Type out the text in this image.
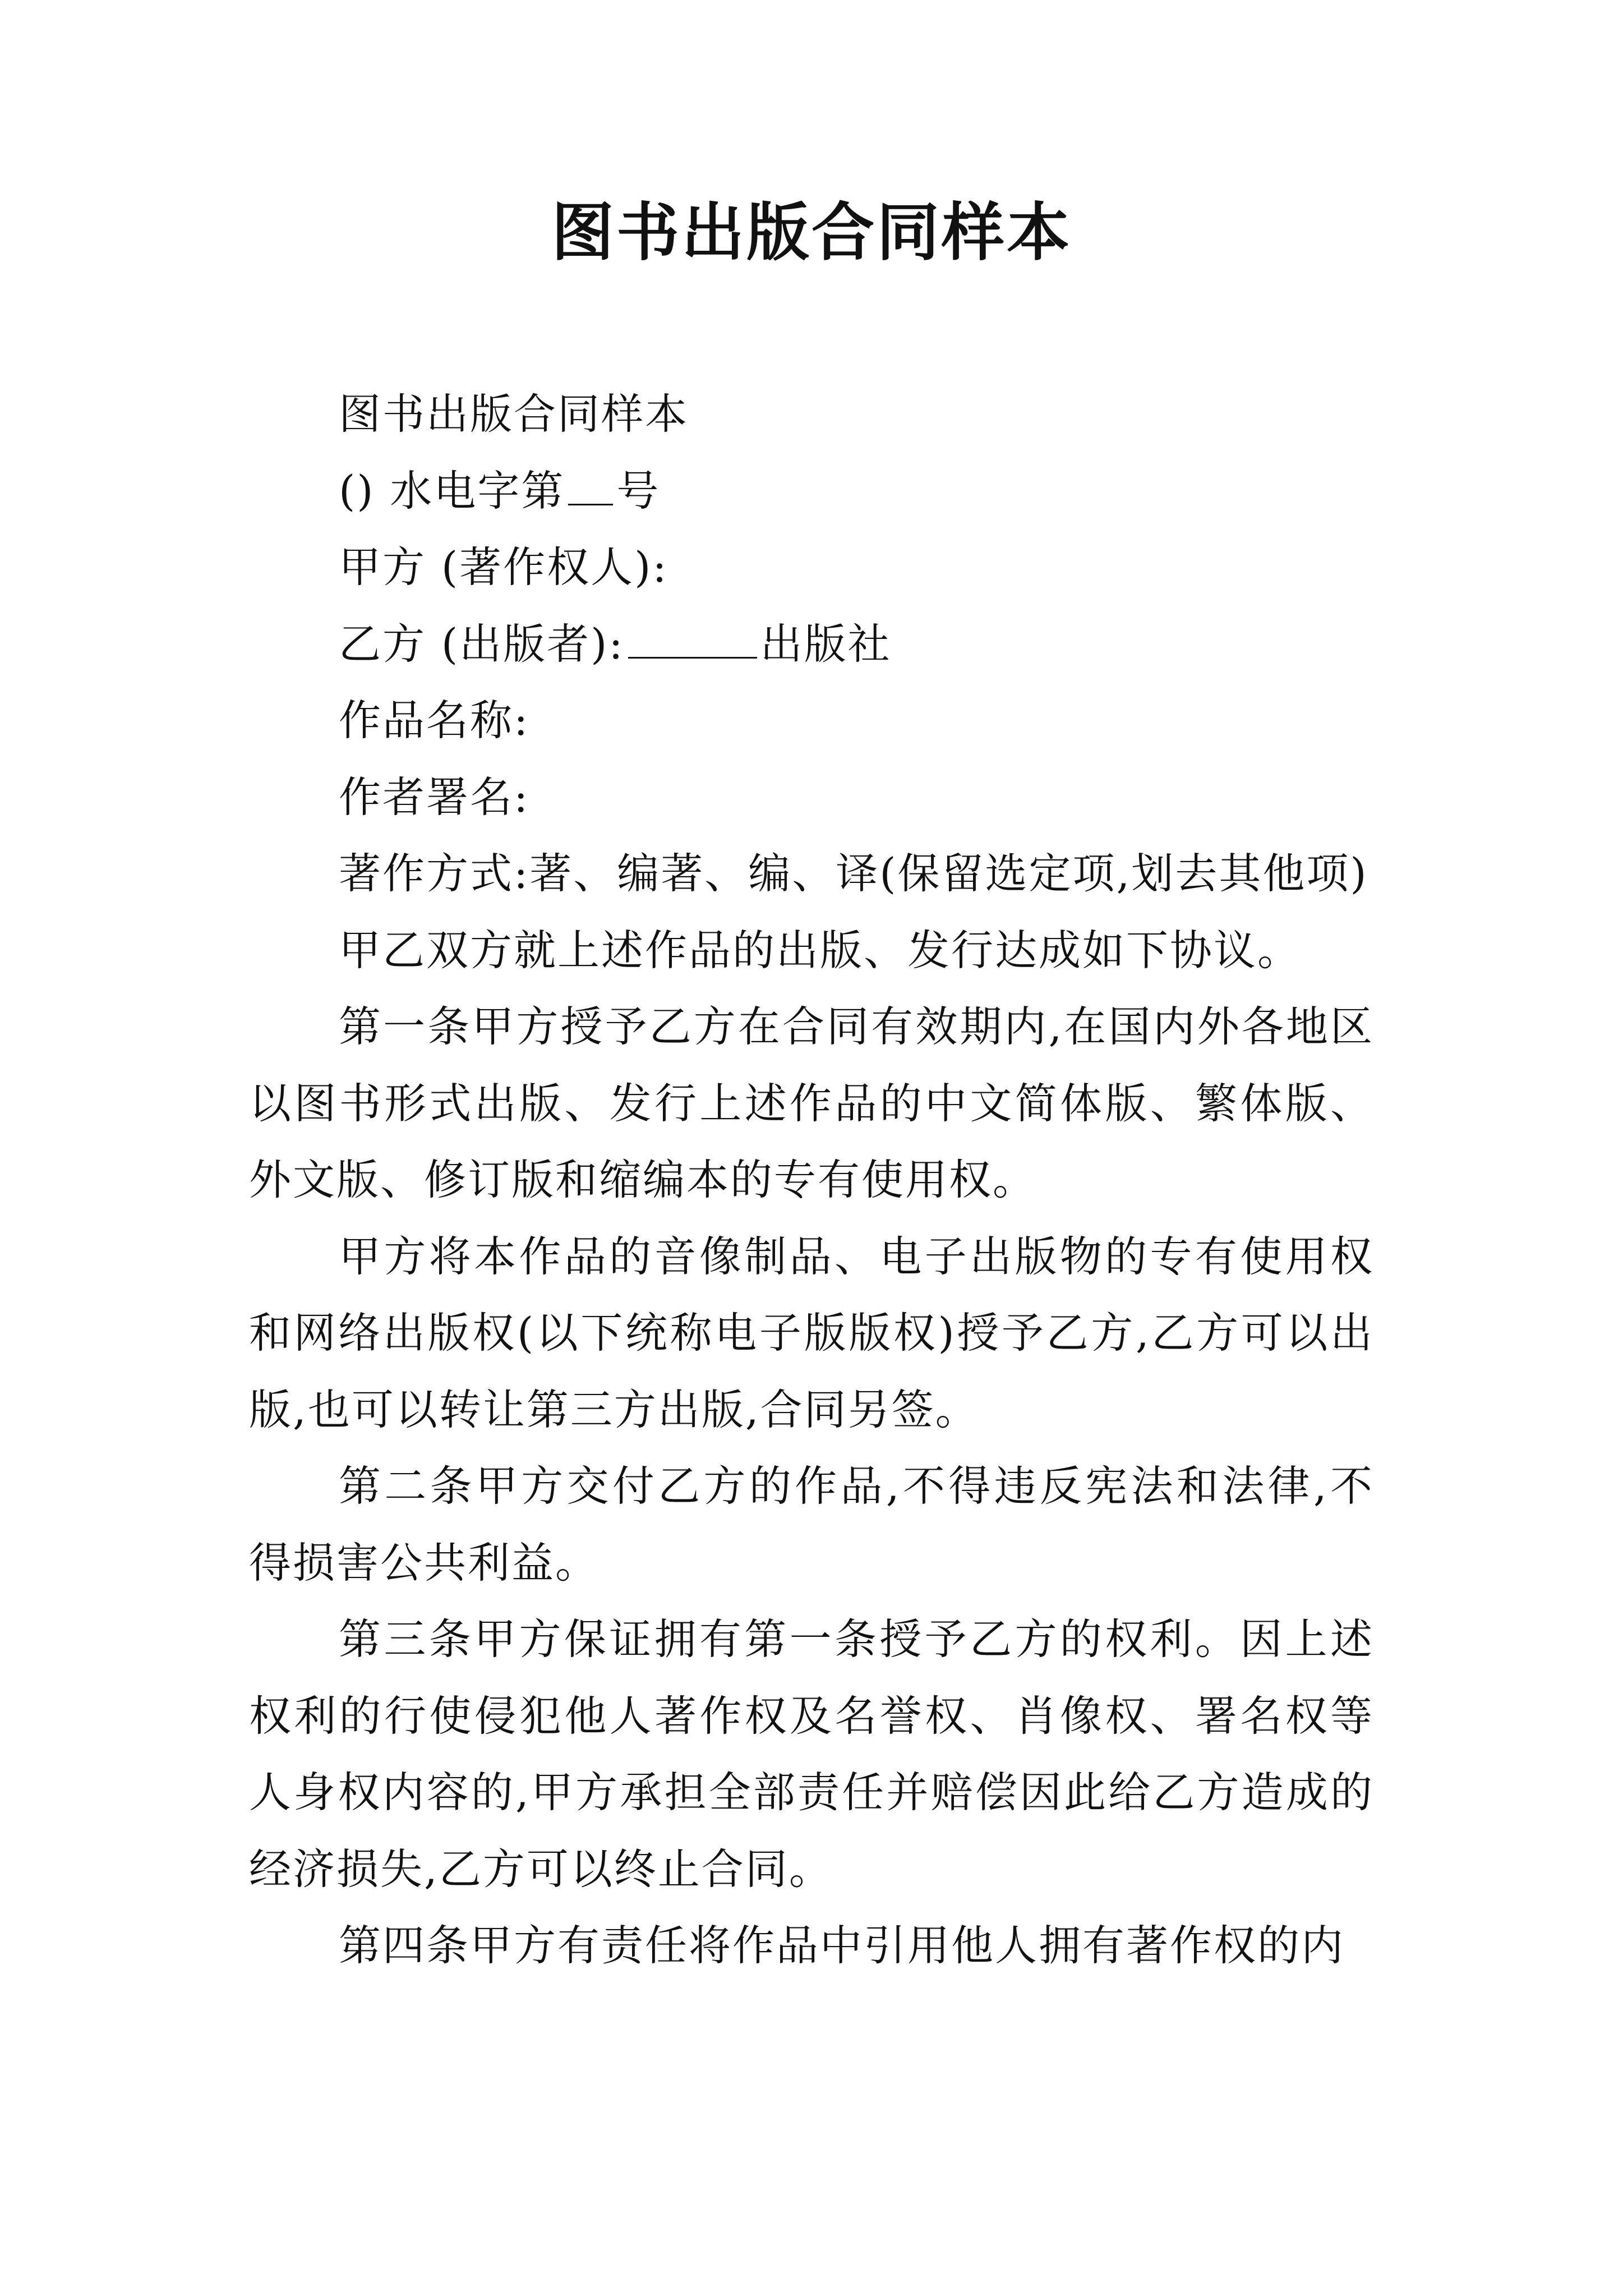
图书出版合同样本

图书出版合同样本

() 水电字第 号

甲方 (著作权人):

乙方 (出版者):	出版社

作品名称:

作者署名:

著作方式:著、编著、编、译(保留选定项,划去其他项)

甲乙双方就上述作品的出版、发行达成如下协议。

第一条甲方授予乙方在合同有效期内,在国内外各地区以图书形式出版、发行上述作品的中文简体版、繁体版、外文版、修订版和缩编本的专有使用权。

甲方将本作品的音像制品、电子出版物的专有使用权和网络出版权(以下统称电子版版权)授予乙方,乙方可以出版,也可以转让第三方出版,合同另签。

第二条甲方交付乙方的作品,不得违反宪法和法律,不得损害公共利益。

第三条甲方保证拥有第一条授予乙方的权利。因上述权利的行使侵犯他人著作权及名誉权、肖像权、署名权等人身权内容的,甲方承担全部责任并赔偿因此给乙方造成的经济损失,乙方可以终止合同。

第四条甲方有责任将作品中引用他人拥有著作权的内
